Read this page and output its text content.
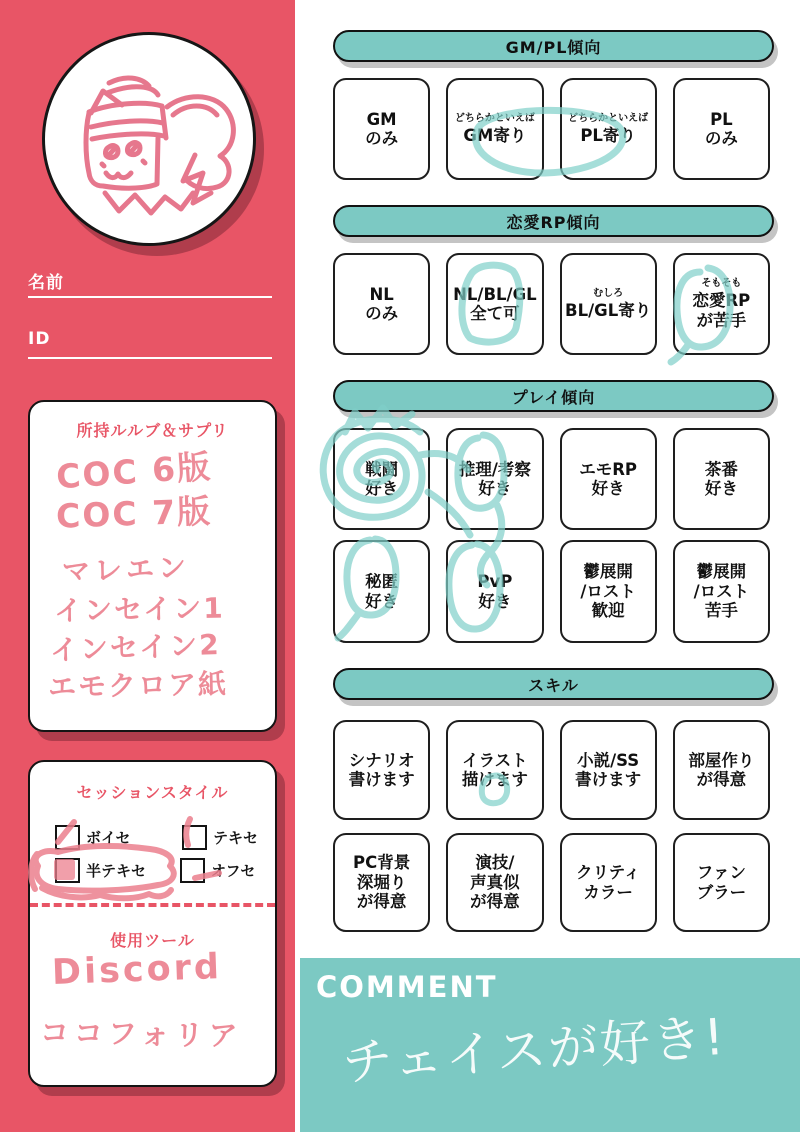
名前
ID
所持ルルブ＆サプリ
COC 6版
COC 7版
マレエン
インセイン1
インセイン2
エモクロア紙
セッションスタイル
ボイセ	テキセ
半テキセ	オフセ
使用ツール
Discord
ココフォリア
GM/PL傾向
GM
のみ
どちらかといえば
GM寄り
どちらかといえば
PL寄り
PL
のみ
恋愛RP傾向
NL
のみ
NL/BL/GL
全て可
むしろ
BL/GL寄り
そもそも
恋愛RP
が苦手
プレイ傾向
戦闘
好き
推理/考察
好き
エモRP
好き
茶番
好き
秘匿
好き
PvP
好き
鬱展開
/ロスト
歓迎
鬱展開
/ロスト
苦手
スキル
シナリオ
書けます
イラスト
描けます
小説/SS
書けます
部屋作り
が得意
PC背景
深堀り
が得意
演技/
声真似
が得意
クリティ
カラー
ファン
ブラー
COMMENT
チェイスが好き!
